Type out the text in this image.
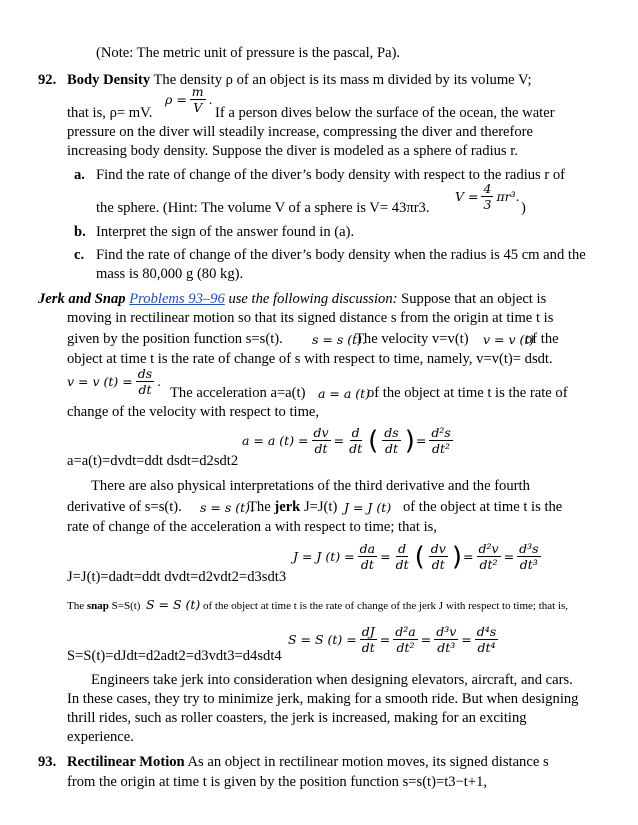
(Note: The metric unit of pressure is the pascal, Pa).
92. Body Density The density ρ of an object is its mass m divided by its volume V;
$\rho = \frac{m}{V}$ .
that is, ρ= mV.	If a person dives below the surface of the ocean, the water
pressure on the diver will steadily increase, compressing the diver and therefore
increasing body density. Suppose the diver is modeled as a sphere of radius r.
a. Find the rate of change of the diver’s body density with respect to the radius r of
$V = \frac{4}{3} \pi r^3$.
the sphere. (Hint: The volume V of a sphere is V= 43πr3.	)
b. Interpret the sign of the answer found in (a).
c. Find the rate of change of the diver’s body density when the radius is 45 cm and the
mass is 80,000 g (80 kg).
Jerk and Snap Problems 93–96 use the following discussion: Suppose that an object is
moving in rectilinear motion so that its signed distance s from the origin at time t is
given by the position function s=s(t). s = s (t).
The velocity v=v(t) v = v (t)
of the
object at time t is the rate of change of s with respect to time, namely, v=v(t)= dsdt.
v = v $(t) = \frac{ds}{dt}$ .
The acceleration a=a(t) a = a (t)
of the object at time t is the rate of
change of the velocity with respect to time,
a = a $(t) = \frac{dv}{dt} = \frac{d}{dt}$ ( $\frac{ds}{dt}$ ) = $\frac{\text{d²s}}{\text{dt²}}$
a=a(t)=dvdt=ddt dsdt=d2sdt2
There are also physical interpretations of the third derivative and the fourth
derivative of s=s(t). s = s (t).
The jerk J=J(t) J = J (t) of the object at time t is the
rate of change of the acceleration a with respect to time; that is,
J = J $(t) = \frac{da}{dt} = \frac{d}{dt}$ ( $\frac{dv}{dt}$ ) = $\frac{\text{d²v}}{\text{dt²}} = \frac{\text{d³s}}{\text{dt³}}$
J=J(t)=dadt=ddt dvdt=d2vdt2=d3sdt3
The snap S=S(t) S = S (t) of the object at time t is the rate of change of the jerk J with respect to time; that is,
S = S $(t) = \frac{dJ}{dt} = \frac{\text{d²a}}{\text{dt²}} = \frac{\text{d³v}}{\text{dt³}} = \frac{\text{d⁴s}}{\text{dt⁴}}$
S=S(t)=dJdt=d2adt2=d3vdt3=d4sdt4
Engineers take jerk into consideration when designing elevators, aircraft, and cars.
In these cases, they try to minimize jerk, making for a smooth ride. But when designing
thrill rides, such as roller coasters, the jerk is increased, making for an exciting
experience.
93. Rectilinear Motion As an object in rectilinear motion moves, its signed distance s
from the origin at time t is given by the position function s=s(t)=t3−t+1,
